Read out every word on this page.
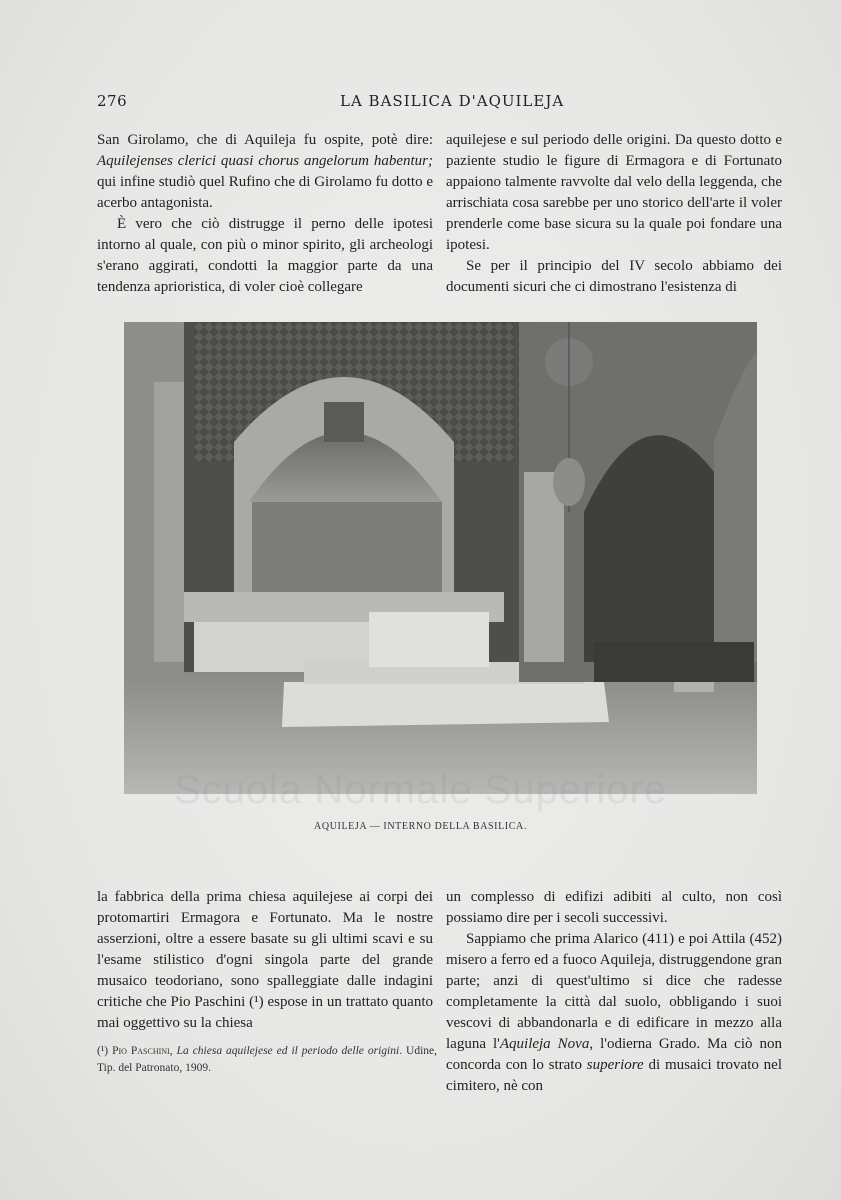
276	LA BASILICA D'AQUILEJA

San Girolamo, che di Aquileja fu ospite, potè dire: Aquilejenses clerici quasi chorus angelorum habentur; qui infine studiò quel Rufino che di Girolamo fu dotto e acerbo antagonista.

È vero che ciò distrugge il perno delle ipotesi intorno al quale, con più o minor spirito, gli archeologi s'erano aggirati, condotti la maggior parte da una tendenza aprioristica, di voler cioè collegare

aquilejese e sul periodo delle origini. Da questo dotto e paziente studio le figure di Ermagora e di Fortunato appaiono talmente ravvolte dal velo della leggenda, che arrischiata cosa sarebbe per uno storico dell'arte il voler prenderle come base sicura su la quale poi fondare una ipotesi.

Se per il principio del IV secolo abbiamo dei documenti sicuri che ci dimostrano l'esistenza di

Scuola Normale Superiore
AQUILEJA — INTERNO DELLA BASILICA.

la fabbrica della prima chiesa aquilejese ai corpi dei protomartiri Ermagora e Fortunato. Ma le nostre asserzioni, oltre a essere basate su gli ultimi scavi e su l'esame stilistico d'ogni singola parte del grande musaico teodoriano, sono spalleggiate dalle indagini critiche che Pio Paschini (¹) espose in un trattato quanto mai oggettivo su la chiesa

un complesso di edifizi adibiti al culto, non così possiamo dire per i secoli successivi.

Sappiamo che prima Alarico (411) e poi Attila (452) misero a ferro ed a fuoco Aquileja, distruggendone gran parte; anzi di quest'ultimo si dice che radesse completamente la città dal suolo, obbligando i suoi vescovi di abbandonarla e di edificare in mezzo alla laguna l'Aquileja Nova, l'odierna Grado. Ma ciò non concorda con lo strato superiore di musaici trovato nel cimitero, nè con

(¹) Pio Paschini, La chiesa aquilejese ed il periodo delle origini. Udine, Tip. del Patronato, 1909.
